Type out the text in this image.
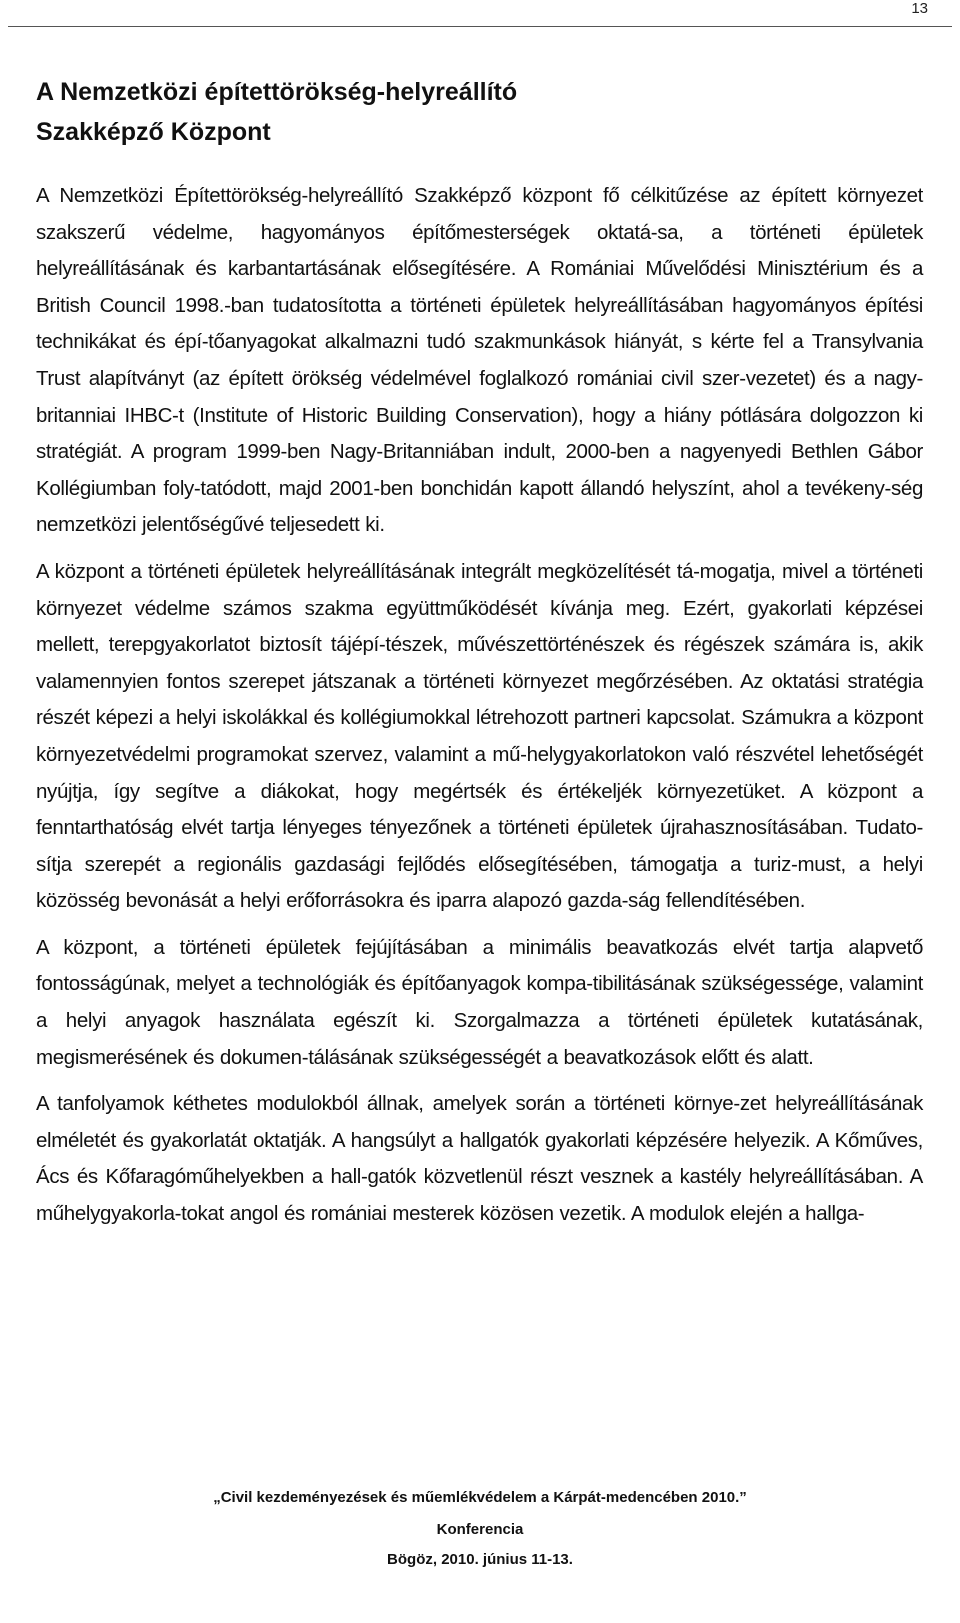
13
A Nemzetközi építettörökség-helyreállító
Szakképző Központ

A Nemzetközi Építettörökség-helyreállító Szakképző központ fő célkitűzése az épített környezet szakszerű védelme, hagyományos építőmesterségek oktatá-sa, a történeti épületek helyreállításának és karbantartásának elősegítésére. A Romániai Művelődési Minisztérium és a British Council 1998.-ban tudatosította a történeti épületek helyreállításában hagyományos építési technikákat és épí-tőanyagokat alkalmazni tudó szakmunkások hiányát, s kérte fel a Transylvania Trust alapítványt (az épített örökség védelmével foglalkozó romániai civil szer-vezetet) és a nagy-britanniai IHBC-t (Institute of Historic Building Conservation), hogy a hiány pótlására dolgozzon ki stratégiát. A program 1999-ben Nagy-Britanniában indult, 2000-ben a nagyenyedi Bethlen Gábor Kollégiumban foly-tatódott, majd 2001-ben bonchidán kapott állandó helyszínt, ahol a tevékeny-ség nemzetközi jelentőségűvé teljesedett ki.

A központ a történeti épületek helyreállításának integrált megközelítését tá-mogatja, mivel a történeti környezet védelme számos szakma együttműködését kívánja meg. Ezért, gyakorlati képzései mellett, terepgyakorlatot biztosít tájépí-tészek, művészettörténészek és régészek számára is, akik valamennyien fontos szerepet játszanak a történeti környezet megőrzésében. Az oktatási stratégia részét képezi a helyi iskolákkal és kollégiumokkal létrehozott partneri kapcsolat. Számukra a központ környezetvédelmi programokat szervez, valamint a mű-helygyakorlatokon való részvétel lehetőségét nyújtja, így segítve a diákokat, hogy megértsék és értékeljék környezetüket. A központ a fenntarthatóság elvét tartja lényeges tényezőnek a történeti épületek újrahasznosításában. Tudato-sítja szerepét a regionális gazdasági fejlődés elősegítésében, támogatja a turiz-must, a helyi közösség bevonását a helyi erőforrásokra és iparra alapozó gazda-ság fellendítésében.

A központ, a történeti épületek fejújításában a minimális beavatkozás elvét tartja alapvető fontosságúnak, melyet a technológiák és építőanyagok kompa-tibilitásának szükségessége, valamint a helyi anyagok használata egészít ki. Szorgalmazza a történeti épületek kutatásának, megismerésének és dokumen-tálásának szükségességét a beavatkozások előtt és alatt.

A tanfolyamok kéthetes modulokból állnak, amelyek során a történeti környe-zet helyreállításának elméletét és gyakorlatát oktatják. A hangsúlyt a hallgatók gyakorlati képzésére helyezik. A Kőműves, Ács és Kőfaragóműhelyekben a hall-gatók közvetlenül részt vesznek a kastély helyreállításában. A műhelygyakorla-tokat angol és romániai mesterek közösen vezetik. A modulok elején a hallga-

„Civil kezdeményezések és műemlékvédelem a Kárpát-medencében 2010.”
Konferencia
Bögöz, 2010. június 11-13.
